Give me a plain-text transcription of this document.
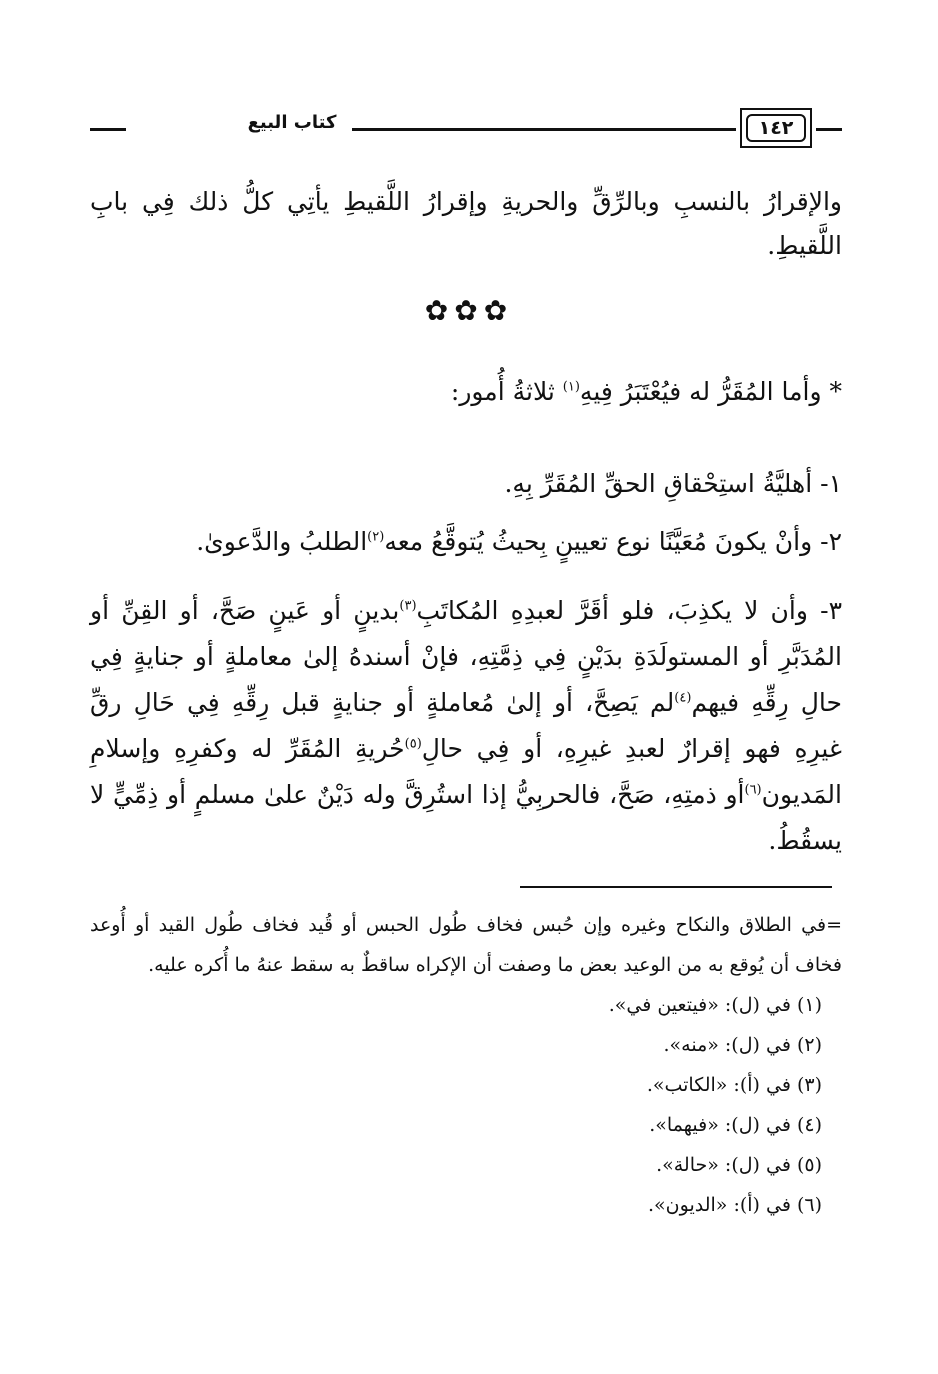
كتاب البيع	١٤٢

والإقرارُ بالنسبِ وبالرِّقِّ والحريةِ وإقرارُ اللَّقيطِ يأتِي كلُّ ذلك فِي بابِ اللَّقيطِ.

✿✿✿

* وأما المُقَرُّ له فيُعْتَبَرُ فِيهِ$^{(١)}$ ثلاثةُ أُمور:

١- أهليَّةُ استِحْقاقِ الحقِّ المُقَرِّ بِهِ.

٢- وأنْ يكونَ مُعَيَّنًا نوع تعيينٍ بِحيثُ يُتوقَّعُ معه$^{(٢)}$الطلبُ والدَّعوىٰ.

٣- وأن لا يكذِبَ، فلو أقَرَّ لعبدِهِ المُكاتَبِ$^{(٣)}$بدينٍ أو عَينٍ صَحَّ، أو القِنِّ أو المُدَبَّرِ أو المستولَدَةِ بدَيْنٍ فِي ذِمَّتِهِ، فإنْ أسندهُ إلىٰ معاملةٍ أو جنايةٍ فِي حالِ رِقِّهِ فيهم$^{(٤)}$لم يَصِحَّ، أو إلىٰ مُعاملةٍ أو جنايةٍ قبل رِقِّهِ فِي حَالِ رقِّ غيرِهِ فهو إقرارٌ لعبدِ غيرِهِ، أو فِي حالِ$^{(٥)}$حُريةِ المُقَرِّ له وكفرِهِ وإسلامِ المَديون$^{(٦)}$أو ذمتِهِ، صَحَّ، فالحربِيُّ إذا استُرِقَّ وله دَيْنٌ علىٰ مسلمٍ أو ذِمِّيٍّ لا يسقُطُ.

=في الطلاق والنكاح وغيره وإن حُبس فخاف طُول الحبس أو قُيد فخاف طُول القيد أو أُوعد فخاف أن يُوقع به من الوعيد بعض ما وصفت أن الإكراه ساقطٌ به سقط عنهُ ما أُكره عليه.

(١) في (ل): «فيتعين في».

(٢) في (ل): «منه».

(٣) في (أ): «الكاتب».

(٤) في (ل): «فيهما».

(٥) في (ل): «حالة».

(٦) في (أ): «الديون».
